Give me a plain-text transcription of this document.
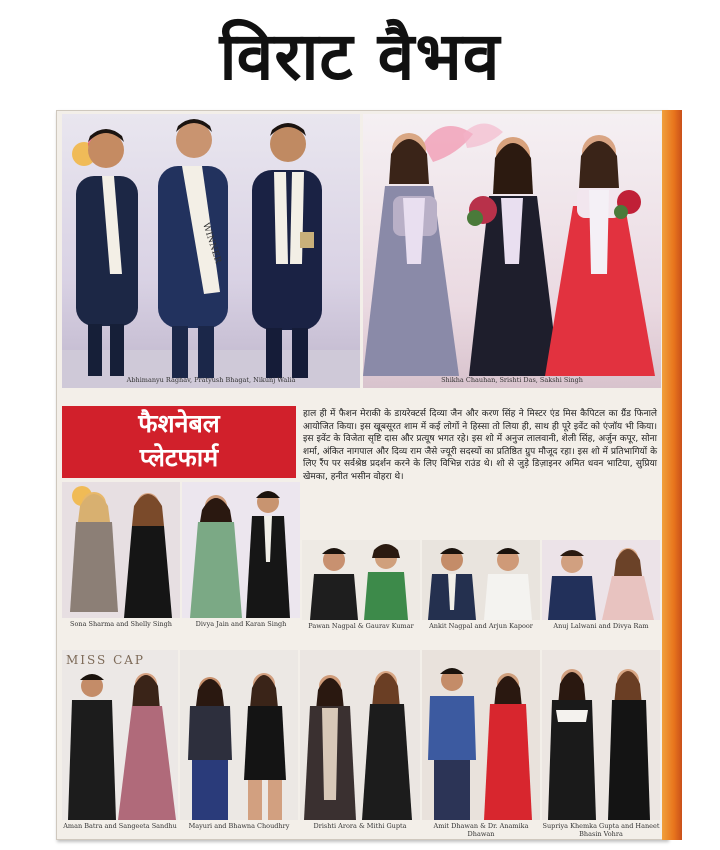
विराट वैभव
WINNER
Abhimanyu Raghav, Pratyush Bhagat, Nikunj Walia	Shikha Chauhan, Srishti Das, Sakshi Singh
फैशनेबल
प्लेटफार्म
हाल ही में फैशन मेराकी के डायरेक्टर्स दिव्या जैन और करण सिंह ने मिस्टर एंड मिस कैपिटल का ग्रैंड फिनाले आयोजित किया। इस खूबसूरत शाम में कई लोगों ने हिस्सा तो लिया ही, साथ ही पूरे इवेंट को एंजॉय भी किया। इस इवेंट के विजेता सृष्टि दास और प्रत्यूष भगत रहे। इस शो में अनुज लालवानी, शेली सिंह, अर्जुन कपूर, सोना शर्मा, अंकित नागपाल और दिव्य राम जैसे ज्यूरी सदस्यों का प्रतिष्ठित ग्रुप मौजूद रहा। इस शो में प्रतिभागियों के लिए रैंप पर सर्वश्रेष्ठ प्रदर्शन करने के लिए विभिन्न राउंड थे। शो से जुड़े डिज़ाइनर अमित धवन भाटिया, सुप्रिया खेमका, हनीत भसीन वोहरा थे।
Sona Sharma and Shelly Singh	Divya Jain and Karan Singh	Pawan Nagpal & Gaurav Kumar	Ankit Nagpal and Arjun Kapoor	Anuj Lalwani and Divya Ram
MISS CAP
Aman Batra and Sangeeta Sandhu	Mayuri and Bhawna Choudhry	Drishti Arora & Mithi Gupta	Amit Dhawan & Dr. Anamika Dhawan
Supriya Khemka Gupta and Haneet Bhasin Vohra
